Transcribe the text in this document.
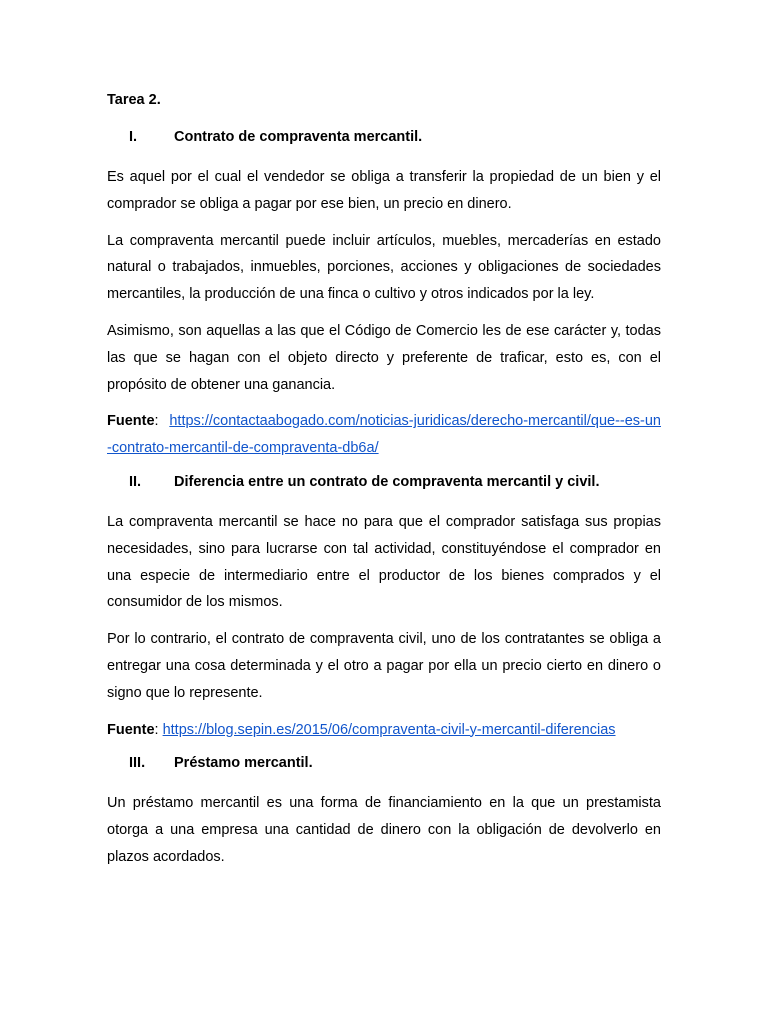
Tarea 2.
I.	Contrato de compraventa mercantil.

Es aquel por el cual el vendedor se obliga a transferir la propiedad de un bien y el comprador se obliga a pagar por ese bien, un precio en dinero.

La compraventa mercantil puede incluir artículos, muebles, mercaderías en estado natural o trabajados, inmuebles, porciones, acciones y obligaciones de sociedades mercantiles, la producción de una finca o cultivo y otros indicados por la ley.

Asimismo, son aquellas a las que el Código de Comercio les de ese carácter y, todas las que se hagan con el objeto directo y preferente de traficar, esto es, con el propósito de obtener una ganancia.

Fuente: https://contactaabogado.com/noticias-juridicas/derecho-mercantil/que--es-un-contrato-mercantil-de-compraventa-db6a/
II.	Diferencia entre un contrato de compraventa mercantil y civil.

La compraventa mercantil se hace no para que el comprador satisfaga sus propias necesidades, sino para lucrarse con tal actividad, constituyéndose el comprador en una especie de intermediario entre el productor de los bienes comprados y el consumidor de los mismos.

Por lo contrario, el contrato de compraventa civil, uno de los contratantes se obliga a entregar una cosa determinada y el otro a pagar por ella un precio cierto en dinero o signo que lo represente.

Fuente: https://blog.sepin.es/2015/06/compraventa-civil-y-mercantil-diferencias
III.	Préstamo mercantil.

Un préstamo mercantil es una forma de financiamiento en la que un prestamista otorga a una empresa una cantidad de dinero con la obligación de devolverlo en plazos acordados.
